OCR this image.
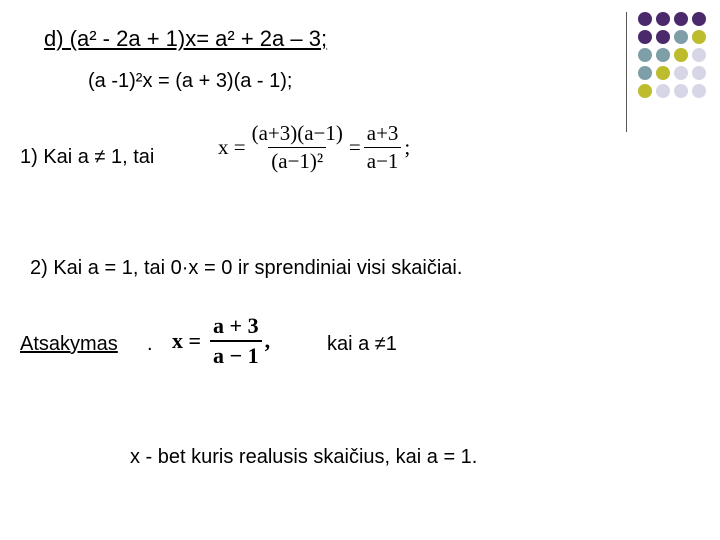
d) (a² - 2a + 1)x= a² + 2a – 3;
(a -1)²x = (a + 3)(a - 1);
1) Kai a ≠ 1, tai	$x = \frac{(a+3)(a-1)}{\text{(a−1)²}} = \frac{a+3}{a-1}$ ;
2) Kai a = 1, tai 0·x = 0 ir sprendiniai visi skaičiai.
Atsakymas . $x = \frac{a + 3}{a - 1}$ ,	kai a ≠1
x - bet kuris realusis skaičius, kai a = 1.
